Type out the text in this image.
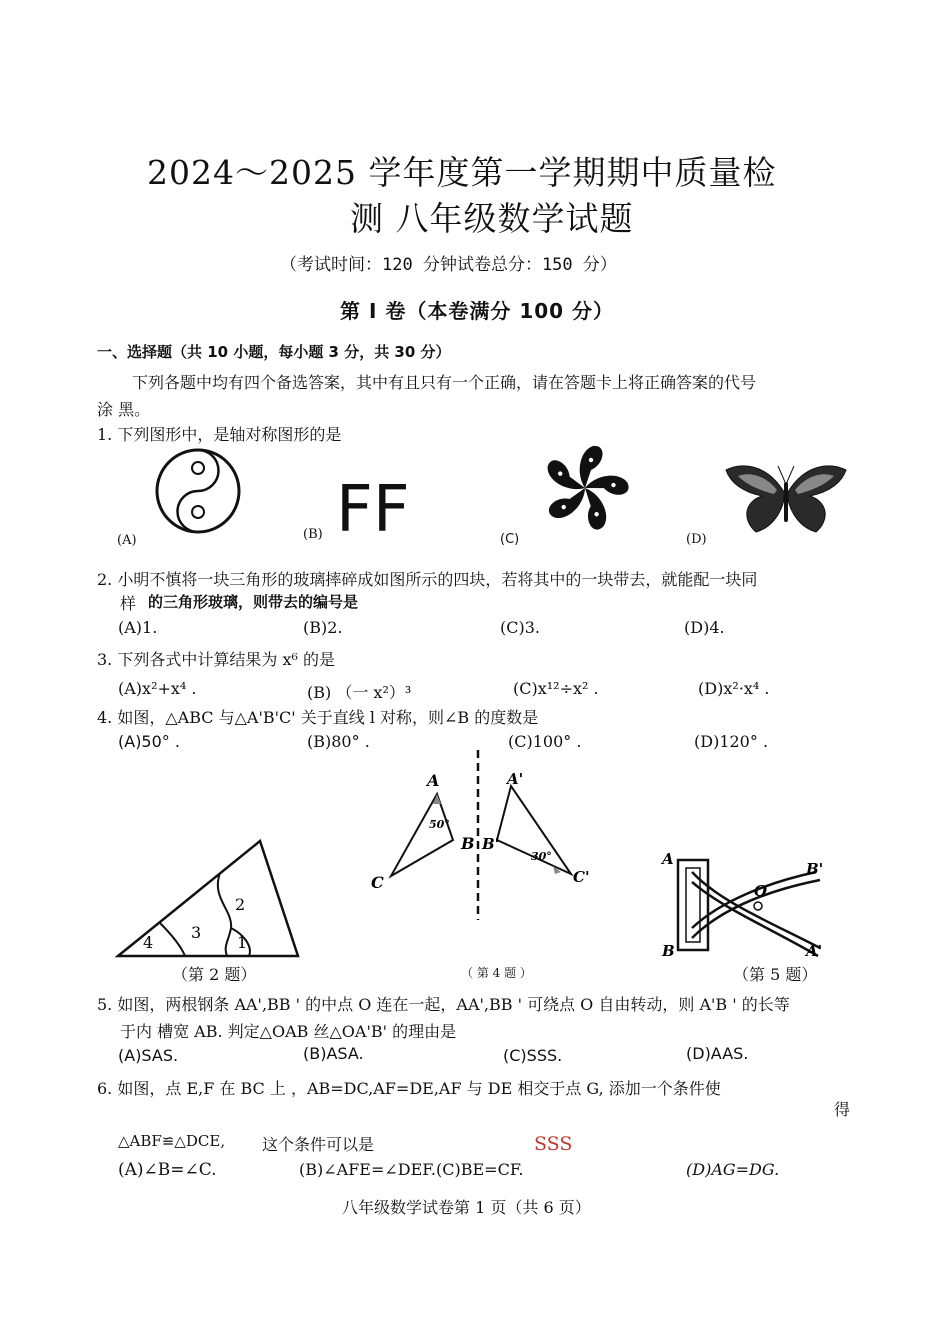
2024～2025 学年度第一学期期中质量检
测 八年级数学试题
（考试时间：120 分钟试卷总分：150 分）
第 I 卷（本卷满分 100 分）
一、选择题（共 10 小题，每小题 3 分，共 30 分）
下列各题中均有四个备选答案，其中有且只有一个正确，请在答题卡上将正确答案的代号
涂 黑。
1. 下列图形中，是轴对称图形的是
(A)	(B) FF	(C)	(D)
2. 小明不慎将一块三角形的玻璃摔碎成如图所示的四块，若将其中的一块带去，就能配一块同
样 的三角形玻璃，则带去的编号是
(A)1.	(B)2.	(C)3.	(D)4.
3. 下列各式中计算结果为 x⁶ 的是
(A)x²+x⁴ .	(B) （一 x²）³	(C)x¹²÷x² .	(D)x²·x⁴ .
4. 如图，△ABC 与△A'B'C' 关于直线 l 对称，则∠B 的度数是
(A)50° .	(B)80° .	(C)100° .	(D)120° .
1
2
3
4
（第 2 题）
A
B
C
A'
B'
C'
50°
30°
（ 第 4 题 ）
A
B
O
B'
A'
（第 5 题）
5. 如图，两根钢条 AA',BB ' 的中点 O 连在一起，AA',BB ' 可绕点 O 自由转动，则 A'B ' 的长等
于内 槽宽 AB. 判定△OAB 丝△OA'B' 的理由是
(A)SAS.	(B)ASA.	(C)SSS.	(D)AAS.
6. 如图，点 E,F 在 BC 上 ，AB=DC,AF=DE,AF 与 DE 相交于点 G, 添加一个条件使
得
△ABF≌△DCE, 这个条件可以是	SSS
(A)∠B=∠C.	(B)∠AFE=∠DEF.(C)BE=CF.	(D)AG=DG.
八年级数学试卷第 1 页（共 6 页）
